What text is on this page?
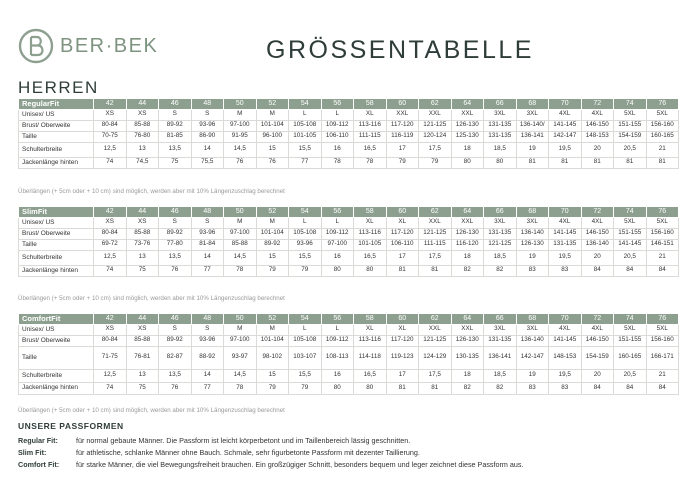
BER·BEK	GRÖSSENTABELLE
HERREN
RegularFit	42	44	46	48	50	52	54	56	58	60	62	64	66	68	70	72	74	76
Unisex/ US	XS	XS	S	S	M	M	L	L	XL	XXL	XXL	XXL	3XL	3XL	4XL	4XL	5XL	5XL
Brust/ Oberweite	80-84	85-88	89-92	93-96	97-100	101-104	105-108	109-112	113-116	117-120	121-125	126-130	131-135	136-140/	141-145	146-150	151-155	156-160
Taille	70-75	76-80	81-85	86-90	91-95	96-100	101-105	106-110	111-115	116-119	120-124	125-130	131-135	136-141	142-147	148-153	154-159	160-165
Schulterbreite	12,5	13	13,5	14	14,5	15	15,5	16	16,5	17	17,5	18	18,5	19	19,5	20	20,5	21
Jackenlänge hinten	74	74,5	75	75,5	76	76	77	78	78	79	79	80	80	81	81	81	81	81
Überlängen (+ 5cm oder + 10 cm) sind möglich, werden aber mit 10% Längenzuschlag berechnet
SlimFit	42	44	46	48	50	52	54	56	58	60	62	64	66	68	70	72	74	76
Unisex/ US	XS	XS	S	S	M	M	L	L	XL	XL	XXL	XXL	3XL	3XL	4XL	4XL	5XL	5XL
Brust/ Oberweite	80-84	85-88	89-92	93-96	97-100	101-104	105-108	109-112	113-116	117-120	121-125	126-130	131-135	136-140	141-145	146-150	151-155	156-160
Taille	69-72	73-76	77-80	81-84	85-88	89-92	93-96	97-100	101-105	106-110	111-115	116-120	121-125	126-130	131-135	136-140	141-145	146-151
Schulterbreite	12,5	13	13,5	14	14,5	15	15,5	16	16,5	17	17,5	18	18,5	19	19,5	20	20,5	21
Jackenlänge hinten	74	75	76	77	78	79	79	80	80	81	81	82	82	83	83	84	84	84
Überlängen (+ 5cm oder + 10 cm) sind möglich, werden aber mit 10% Längenzuschlag berechnet
ComfortFit	42	44	46	48	50	52	54	56	58	60	62	64	66	68	70	72	74	76
Unisex/ US	XS	XS	S	S	M	M	L	L	XL	XL	XXL	XXL	3XL	3XL	4XL	4XL	5XL	5XL
Brust/ Oberweite	80-84	85-88	89-92	93-96	97-100	101-104	105-108	109-112	113-116	117-120	121-125	126-130	131-135	136-140	141-145	146-150	151-155	156-160
Taille	71-75	76-81	82-87	88-92	93-97	98-102	103-107	108-113	114-118	119-123	124-129	130-135	136-141	142-147	148-153	154-159	160-165	166-171
Schulterbreite	12,5	13	13,5	14	14,5	15	15,5	16	16,5	17	17,5	18	18,5	19	19,5	20	20,5	21
Jackenlänge hinten	74	75	76	77	78	79	79	80	80	81	81	82	82	83	83	84	84	84
Überlängen (+ 5cm oder + 10 cm) sind möglich, werden aber mit 10% Längenzuschlag berechnet
UNSERE PASSFORMEN
Regular Fit:	für normal gebaute Männer. Die Passform ist leicht körperbetont und im Taillenbereich lässig geschnitten.
Slim Fit:	für athletische, schlanke Männer ohne Bauch. Schmale, sehr figurbetonte Passform mit dezenter Taillierung.
Comfort Fit:	für starke Männer, die viel Bewegungsfreiheit brauchen. Ein großzügiger Schnitt, besonders bequem und leger zeichnet diese Passform aus.
